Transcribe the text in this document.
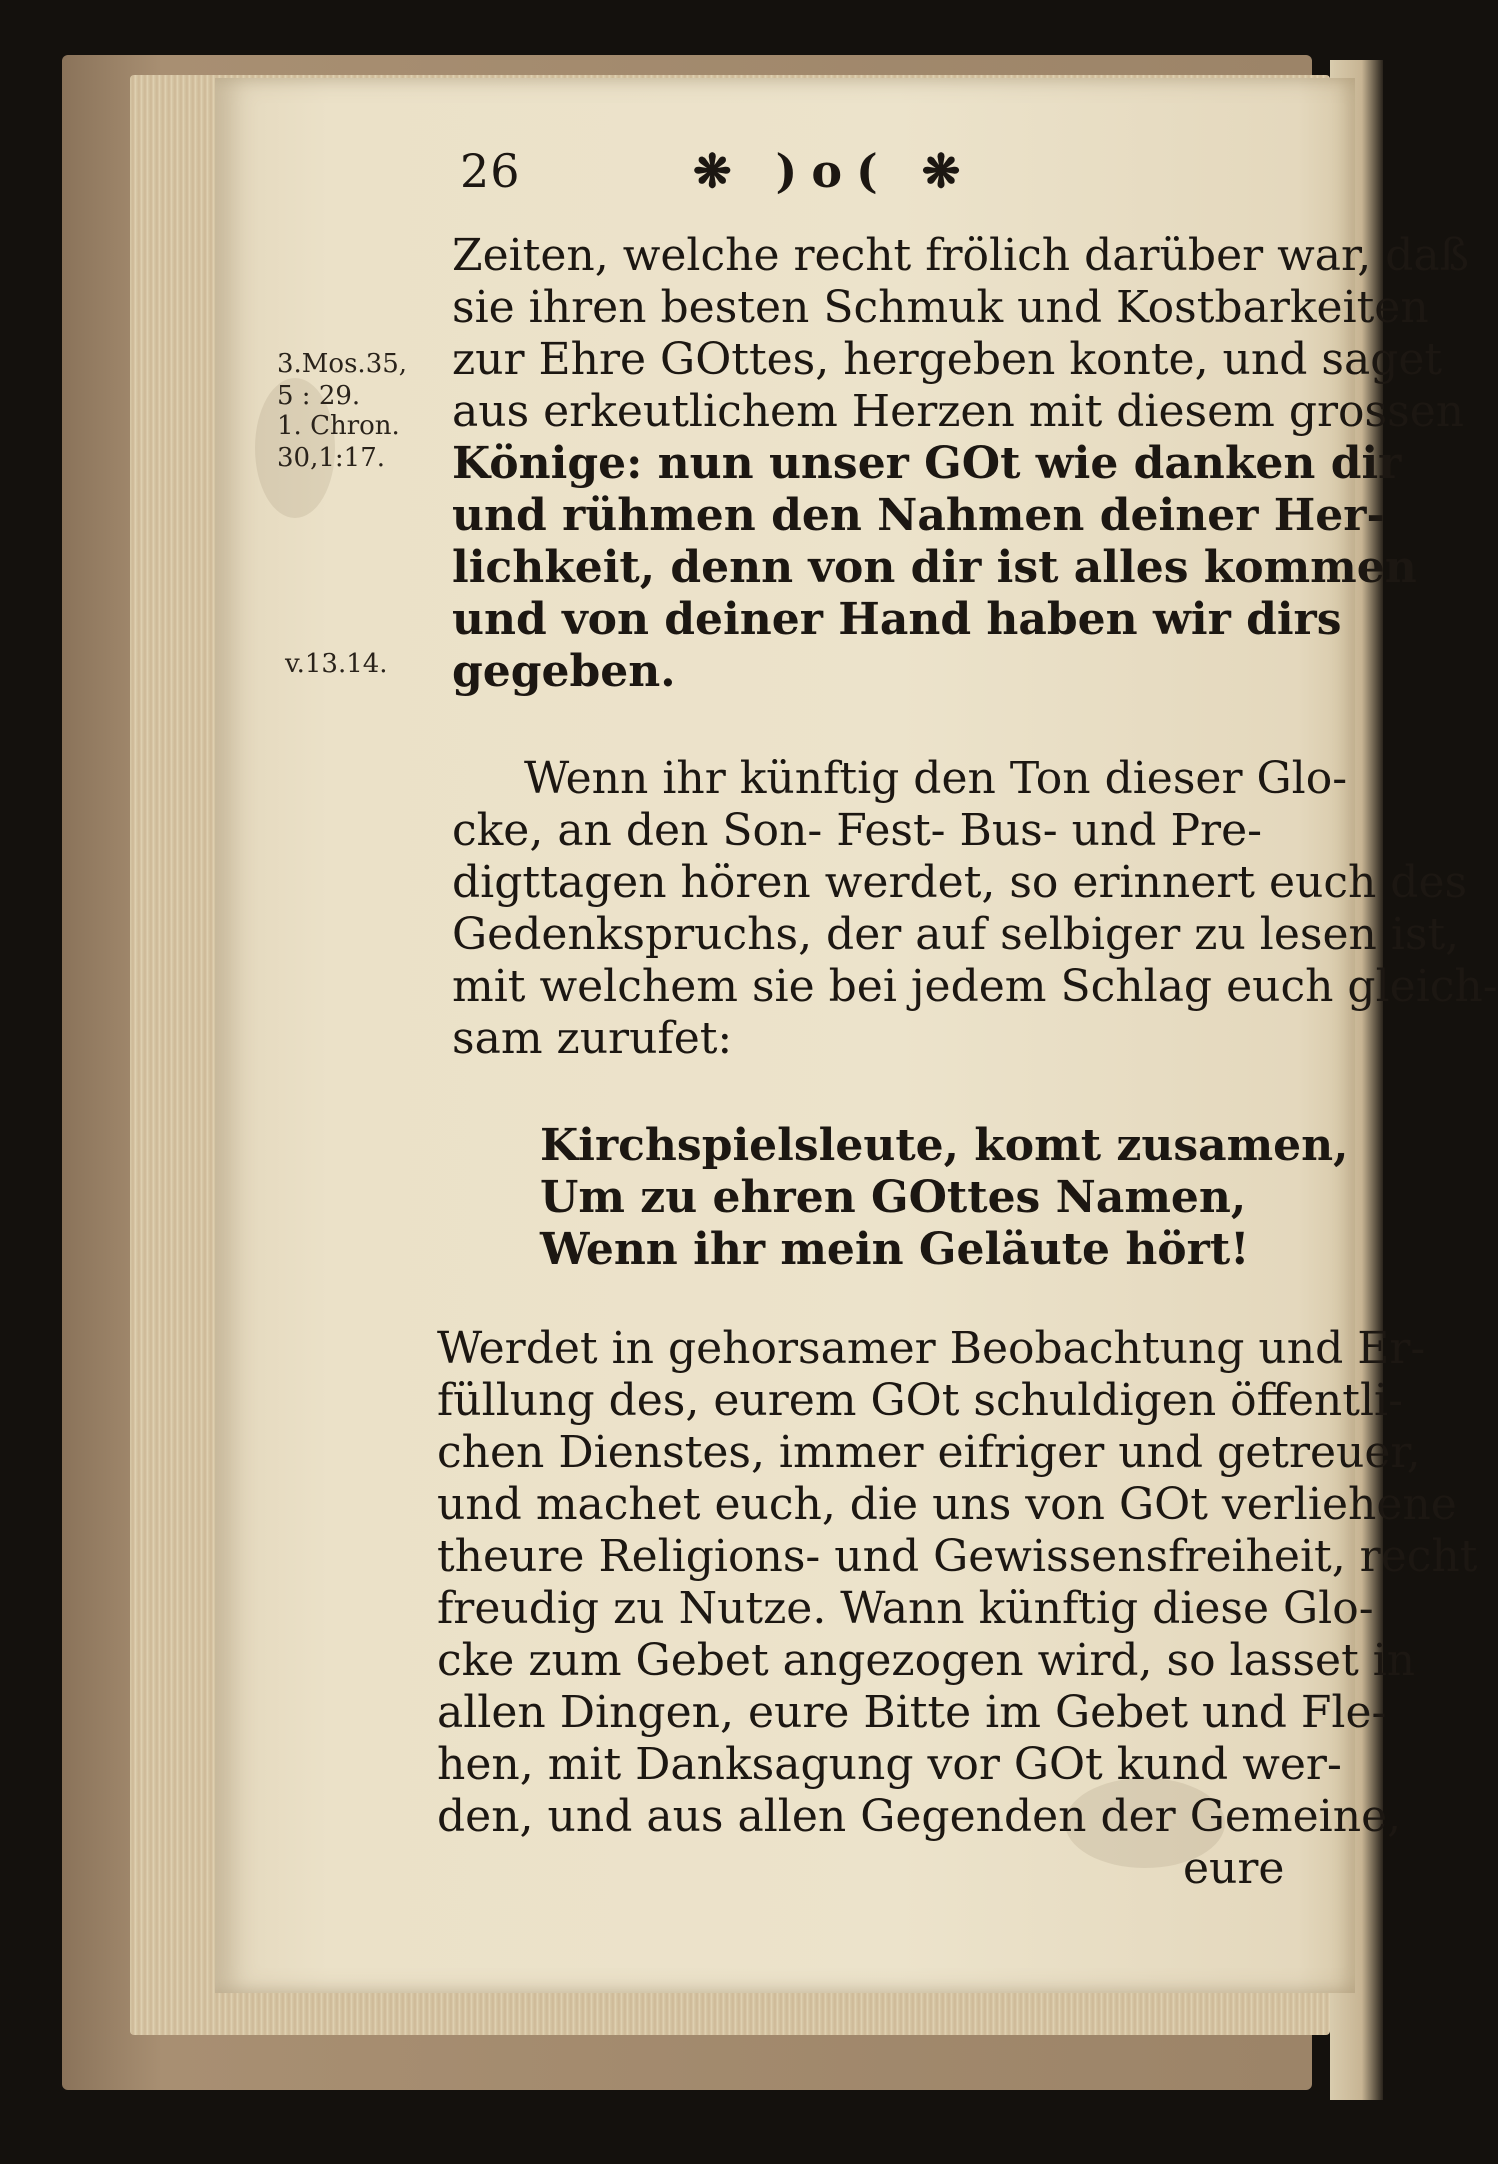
26	❋ )o( ❋
3.Mos.35,
5 : 29.
1. Chron.
30,1:17.
v.13.14.
Zeiten, welche recht frölich darüber war, daß
sie ihren besten Schmuk und Kostbarkeiten
zur Ehre GOttes, hergeben konte, und saget
aus erkeutlichem Herzen mit diesem grossen
Könige: nun unser GOt wie danken dir
und rühmen den Nahmen deiner Her-
lichkeit, denn von dir ist alles kommen
und von deiner Hand haben wir dirs
gegeben.
Wenn ihr künftig den Ton dieser Glo-
cke, an den Son- Fest- Bus- und Pre-
digttagen hören werdet, so erinnert euch des
Gedenkspruchs, der auf selbiger zu lesen ist,
mit welchem sie bei jedem Schlag euch gleich-
sam zurufet:
Kirchspielsleute, komt zusamen,
Um zu ehren GOttes Namen,
Wenn ihr mein Geläute hört!
Werdet in gehorsamer Beobachtung und Er-
füllung des, eurem GOt schuldigen öffentli-
chen Dienstes, immer eifriger und getreuer,
und machet euch, die uns von GOt verliehene
theure Religions- und Gewissensfreiheit, recht
freudig zu Nutze. Wann künftig diese Glo-
cke zum Gebet angezogen wird, so lasset in
allen Dingen, eure Bitte im Gebet und Fle-
hen, mit Danksagung vor GOt kund wer-
den, und aus allen Gegenden der Gemeine,
eure
